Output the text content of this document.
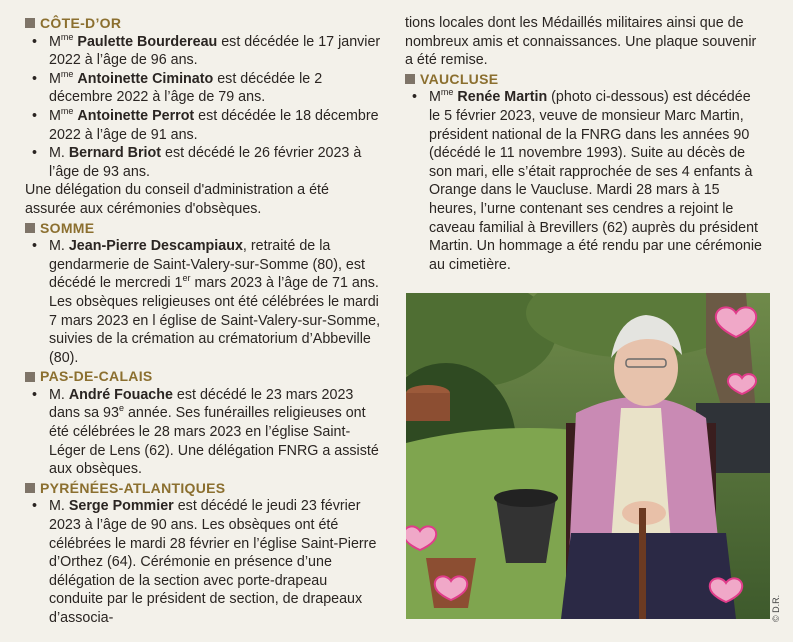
CÔTE-D’OR
• $M^{me}$ Paulette Bourdereau est décédée le 17 janvier 2022 à l’âge de 96 ans.
• $M^{me}$ Antoinette Ciminato est décédée le 2 décembre 2022 à l’âge de 79 ans.
• $M^{me}$ Antoinette Perrot est décédée le 18 décembre 2022 à l’âge de 91 ans.
• M. Bernard Briot est décédé le 26 février 2023 à l’âge de 93 ans.

Une délégation du conseil d'administration a été assurée aux cérémonies d'obsèques.

SOMME
• M. Jean-Pierre Descampiaux, retraité de la gendarmerie de Saint-Valery-sur-Somme (80), est décédé le mercredi 1er mars 2023 à l’âge de 71 ans. Les obsèques religieuses ont été célébrées le mardi 7 mars 2023 en l église de Saint-Valery-sur-Somme, suivies de la crémation au crématorium d’Abbeville (80).
PAS-DE-CALAIS
• M. André Fouache est décédé le 23 mars 2023 dans sa 93e année. Ses funérailles religieuses ont été célébrées le 28 mars 2023 en l’église Saint-Léger de Lens (62). Une délégation FNRG a assisté aux obsèques.
PYRÉNÉES-ATLANTIQUES
• M. Serge Pommier est décédé le jeudi 23 février 2023 à l’âge de 90 ans. Les obsèques ont été célébrées le mardi 28 février en l’église Saint-Pierre d’Orthez (64). Cérémonie en présence d’une délégation de la section avec porte-drapeau conduite par le président de section, de drapeaux d’associa-

tions locales dont les Médaillés militaires ainsi que de nombreux amis et connaissances. Une plaque souvenir a été remise.

VAUCLUSE
• $M^{me}$ Renée Martin (photo ci-dessous) est décédée le 5 février 2023, veuve de monsieur Marc Martin, président national de la FNRG dans les années 90 (décédé le 11 novembre 1993). Suite au décès de son mari, elle s’était rapprochée de ses 4 enfants à Orange dans le Vaucluse. Mardi 28 mars à 15 heures, l’urne contenant ses cendres a rejoint le caveau familial à Brevillers (62) auprès du président Martin. Un hommage a été rendu par une cérémonie au cimetière.
© D.R.
